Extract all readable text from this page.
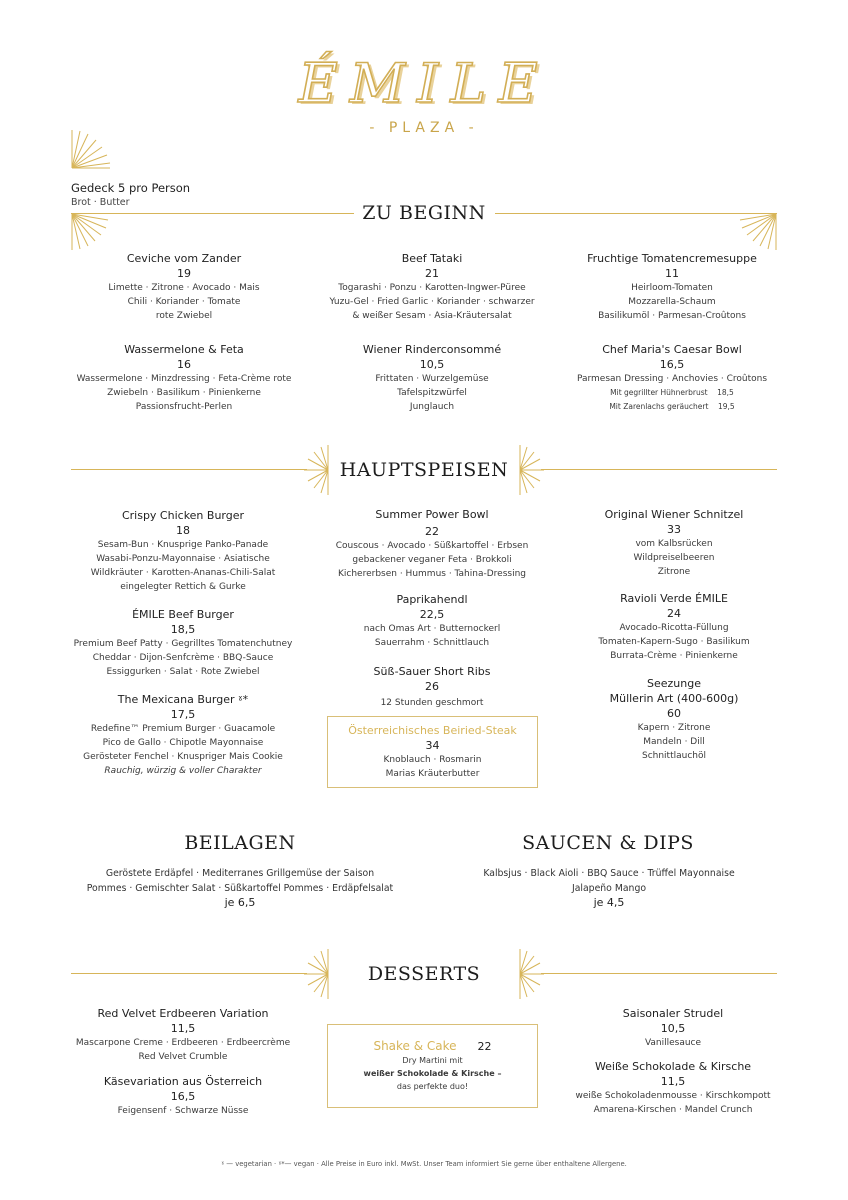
ÉMILE
- PLAZA -
Gedeck 5 pro Person
Brot · Butter	ZU BEGINN
Ceviche vom Zander
19
Limette · Zitrone · Avocado · Mais
Chili · Koriander · Tomate
rote Zwiebel
Beef Tataki
21
Togarashi · Ponzu · Karotten-Ingwer-Püree
Yuzu-Gel · Fried Garlic · Koriander · schwarzer
& weißer Sesam · Asia-Kräutersalat
Fruchtige Tomatencremesuppe
11
Heirloom-Tomaten
Mozzarella-Schaum
Basilikumöl · Parmesan-Croûtons
Wassermelone & Feta
16
Wassermelone · Minzdressing · Feta-Crème rote
Zwiebeln · Basilikum · Pinienkerne
Passionsfrucht-Perlen
Wiener Rinderconsommé
10,5
Frittaten · Wurzelgemüse
Tafelspitzwürfel
Junglauch
Chef Maria's Caesar Bowl
16,5
Parmesan Dressing · Anchovies · Croûtons
Mit gegrillter Hühnerbrust 18,5
Mit Zarenlachs geräuchert 19,5
HAUPTSPEISEN
Crispy Chicken Burger
18
Sesam-Bun · Knusprige Panko-Panade
Wasabi-Ponzu-Mayonnaise · Asiatische
Wildkräuter · Karotten-Ananas-Chili-Salat
eingelegter Rettich & Gurke
ÉMILE Beef Burger
18,5
Premium Beef Patty · Gegrilltes Tomatenchutney
Cheddar · Dijon-Senfcrème · BBQ-Sauce
Essiggurken · Salat · Rote Zwiebel
The Mexicana Burger ˠ*
17,5
Redefine™ Premium Burger · Guacamole
Pico de Gallo · Chipotle Mayonnaise
Gerösteter Fenchel · Knuspriger Mais Cookie
Rauchig, würzig & voller Charakter
Summer Power Bowl
22
Couscous · Avocado · Süßkartoffel · Erbsen
gebackener veganer Feta · Brokkoli
Kichererbsen · Hummus · Tahina-Dressing
Paprikahendl
22,5
nach Omas Art · Butternockerl
Sauerrahm · Schnittlauch
Süß-Sauer Short Ribs
26
12 Stunden geschmort
Österreichisches Beiried-Steak
34
Knoblauch · Rosmarin
Marias Kräuterbutter
Original Wiener Schnitzel
33
vom Kalbsrücken
Wildpreiselbeeren
Zitrone
Ravioli Verde ÉMILE
24
Avocado-Ricotta-Füllung
Tomaten-Kapern-Sugo · Basilikum
Burrata-Crème · Pinienkerne
Seezunge
Müllerin Art (400-600g)
60
Kapern · Zitrone
Mandeln · Dill
Schnittlauchöl
BEILAGEN
Geröstete Erdäpfel · Mediterranes Grillgemüse der Saison
Pommes · Gemischter Salat · Süßkartoffel Pommes · Erdäpfelsalat
je 6,5
SAUCEN & DIPS
Kalbsjus · Black Aioli · BBQ Sauce · Trüffel Mayonnaise
Jalapeño Mango
je 4,5
DESSERTS
Red Velvet Erdbeeren Variation
11,5
Mascarpone Creme · Erdbeeren · Erdbeercrème
Red Velvet Crumble
Käsevariation aus Österreich
16,5
Feigensenf · Schwarze Nüsse
Shake & Cake 22
Dry Martini mit
weißer Schokolade & Kirsche –
das perfekte duo!
Saisonaler Strudel
10,5
Vanillesauce
Weiße Schokolade & Kirsche
11,5
weiße Schokoladenmousse · Kirschkompott
Amarena-Kirschen · Mandel Crunch
ˠ — vegetarian · ˠ*— vegan · Alle Preise in Euro inkl. MwSt. Unser Team informiert Sie gerne über enthaltene Allergene.
